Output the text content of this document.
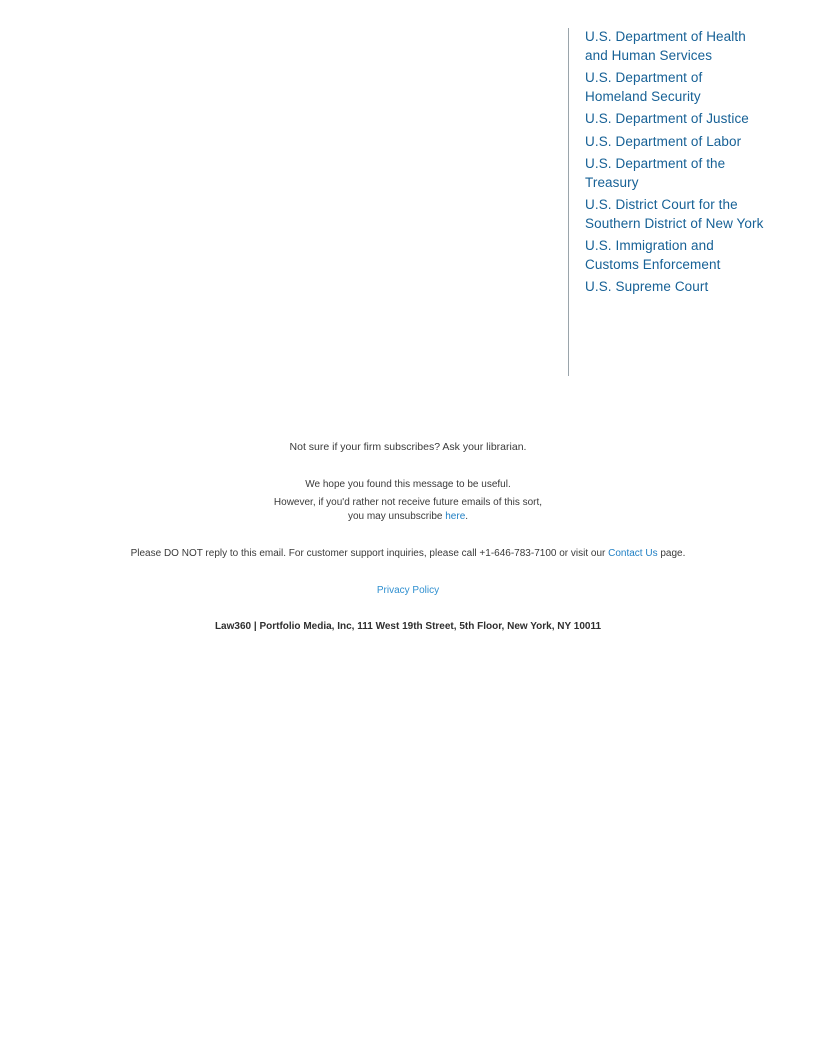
U.S. Department of Health and Human Services
U.S. Department of Homeland Security
U.S. Department of Justice
U.S. Department of Labor
U.S. Department of the Treasury
U.S. District Court for the Southern District of New York
U.S. Immigration and Customs Enforcement
U.S. Supreme Court
Not sure if your firm subscribes? Ask your librarian.
We hope you found this message to be useful.
However, if you'd rather not receive future emails of this sort,
you may unsubscribe here.
Please DO NOT reply to this email. For customer support inquiries, please call +1-646-783-7100 or visit our Contact Us page.
Privacy Policy
Law360 | Portfolio Media, Inc, 111 West 19th Street, 5th Floor, New York, NY 10011
